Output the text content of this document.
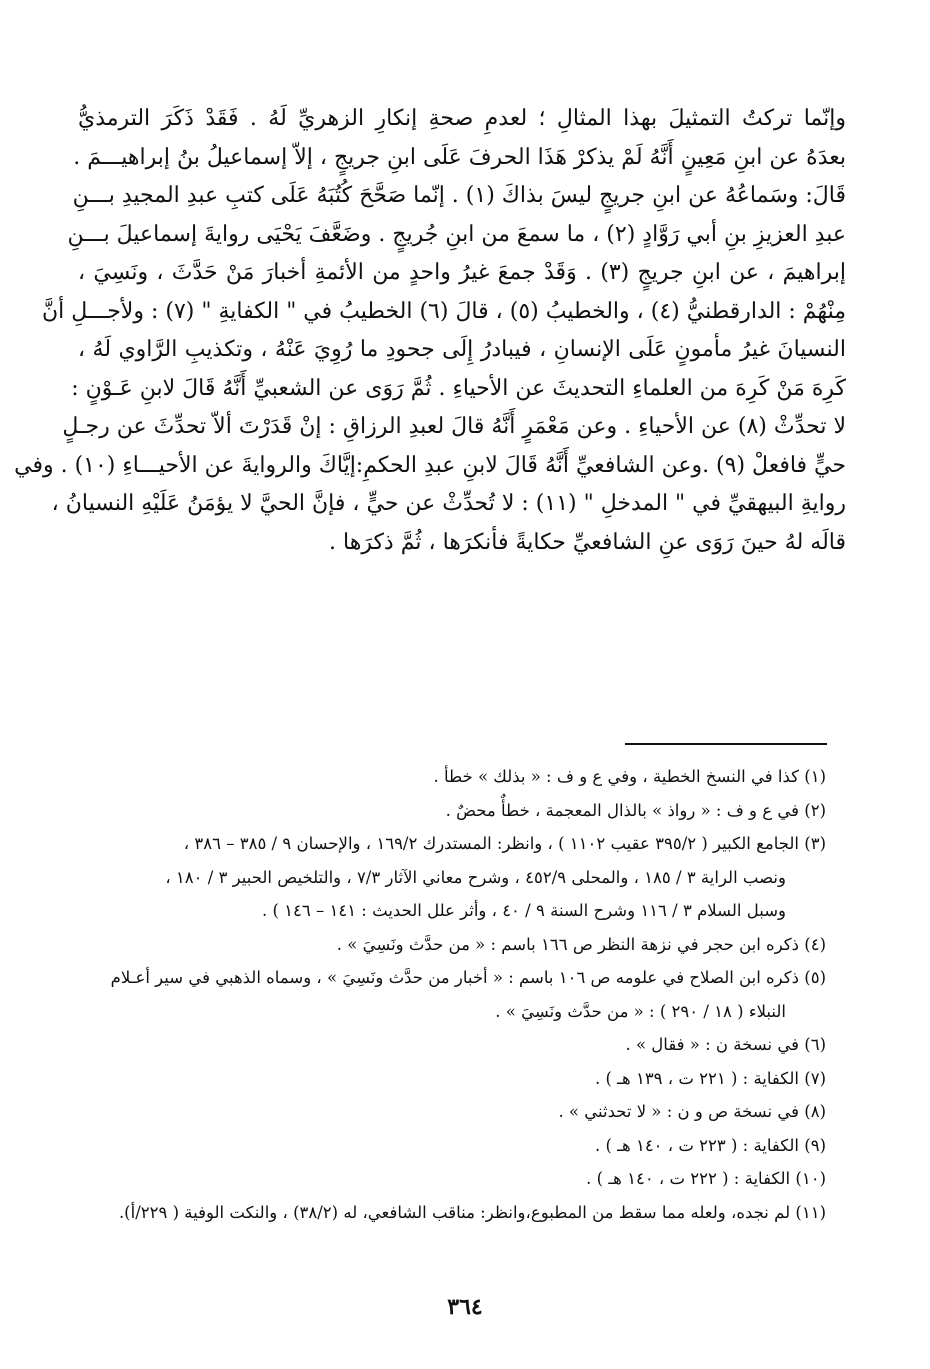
وإنّما تركتُ التمثيلَ بهذا المثالِ ؛ لعدمِ صحةِ إنكارِ الزهريِّ لَهُ . فَقَدْ ذَكَرَ الترمذيُّ
بعدَهُ عن ابنِ مَعِينٍ أَنَّهُ لَمْ يذكرْ هَذَا الحرفَ عَلَى ابنِ جريجٍ ، إلاّ إسماعيلُ بنُ إبراهيـــمَ .
قَالَ: وسَماعُهُ عن ابنِ جريجٍ ليسَ بذاكَ (١) . إنّما صَحَّحَ كُتُبَهُ عَلَى كتبِ عبدِ المجيدِ بـــنِ
عبدِ العزيزِ بنِ أبي رَوَّادٍ (٢) ، ما سمعَ من ابنِ جُريجٍ . وضَعَّفَ يَحْيَى روايةَ إسماعيلَ بـــنِ
إبراهيمَ ، عن ابنِ جريجٍ (٣) . وَقَدْ جمعَ غيرُ واحدٍ من الأئمةِ أخبارَ مَنْ حَدَّثَ ، ونَسِيَ ،
مِنْهُمْ : الدارقطنيُّ (٤) ، والخطيبُ (٥) ، قالَ (٦) الخطيبُ في " الكفايةِ " (٧) : ولأجـــلِ أنَّ
النسيانَ غيرُ مأمونٍ عَلَى الإنسانِ ، فيبادرُ إِلَى جحودِ ما رُوِيَ عَنْهُ ، وتكذيبِ الرَّاوي لَهُ ،
كَرِهَ مَنْ كَرِهَ من العلماءِ التحديثَ عن الأحياءِ . ثُمَّ رَوَى عن الشعبيِّ أَنَّهُ قَالَ لابنِ عَـوْنٍ :
لا تحدِّثْ (٨) عن الأحياءِ . وعن مَعْمَرٍ أَنَّهُ قالَ لعبدِ الرزاقِ : إنْ قَدَرْتَ ألاّ تحدِّثَ عن رجـلٍ
حيٍّ فافعلْ (٩) .وعن الشافعيِّ أَنَّهُ قَالَ لابنِ عبدِ الحكمِ:إيَّاكَ والروايةَ عن الأحيـــاءِ (١٠) . وفي
روايةِ البيهقيِّ في " المدخلِ " (١١) : لا تُحدِّثْ عن حيٍّ ، فإنَّ الحيَّ لا يؤمَنُ عَلَيْهِ النسيانُ ،
قالَه لهُ حينَ رَوَى عنِ الشافعيِّ حكايةً فأنكرَها ، ثُمَّ ذكرَها .
(١) كذا في النسخ الخطية ، وفي ع و ف : « بذلك » خطأ .
(٢) في ع و ف : « رواذ » بالذال المعجمة ، خطأٌ محضٌ .
(٣) الجامع الكبير ( ٣٩٥/٢ عقيب ١١٠٢ ) ، وانظر: المستدرك ١٦٩/٢ ، والإحسان ٩ / ٣٨٥ – ٣٨٦ ،
ونصب الراية ٣ / ١٨٥ ، والمحلى ٤٥٢/٩ ، وشرح معاني الآثار ٧/٣ ، والتلخيص الحبير ٣ / ١٨٠ ،
وسبل السلام ٣ / ١١٦ وشرح السنة ٩ / ٤٠ ، وأثر علل الحديث : ١٤١ – ١٤٦ ) .
(٤) ذكره ابن حجر في نزهة النظر ص ١٦٦ باسم : « من حدَّث ونَسِيَ » .
(٥) ذكره ابن الصلاح في علومه ص ١٠٦ باسم : « أخبار من حدَّث ونَسِيَ » ، وسماه الذهبي في سير أعـلام
النبلاء ( ١٨ / ٢٩٠ ) : « من حدَّث ونَسِيَ » .
(٦) في نسخة ن : « فقال » .
(٧) الكفاية : ( ٢٢١ ت ، ١٣٩ هـ ) .
(٨) في نسخة ص و ن : « لا تحدثني » .
(٩) الكفاية : ( ٢٢٣ ت ، ١٤٠ هـ ) .
(١٠) الكفاية : ( ٢٢٢ ت ، ١٤٠ هـ ) .
(١١) لم نجده، ولعله مما سقط من المطبوع،وانظر: مناقب الشافعي، له (٣٨/٢) ، والنكت الوفية ( ٢٢٩/أ).
٣٦٤
